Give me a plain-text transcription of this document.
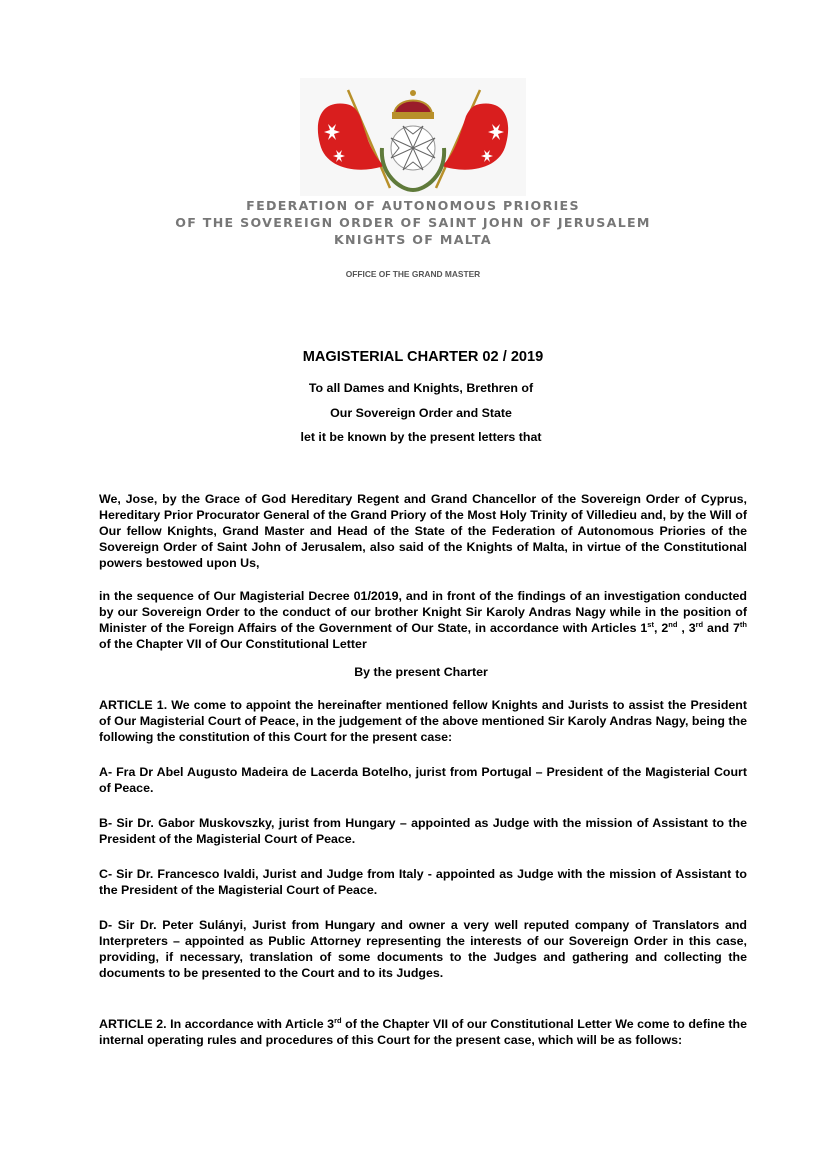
FEDERATION OF AUTONOMOUS PRIORIES
OF THE SOVEREIGN ORDER OF SAINT JOHN OF JERUSALEM
KNIGHTS OF MALTA
OFFICE OF THE GRAND MASTER
MAGISTERIAL CHARTER 02 / 2019
To all Dames and Knights, Brethren of
Our Sovereign Order and State
let it be known by the present letters that

We, Jose, by the Grace of God Hereditary Regent and Grand Chancellor of the Sovereign Order of Cyprus, Hereditary Prior Procurator General of the Grand Priory of the Most Holy Trinity of Villedieu and, by the Will of Our fellow Knights, Grand Master and Head of the State of the Federation of Autonomous Priories of the Sovereign Order of Saint John of Jerusalem, also said of the Knights of Malta, in virtue of the Constitutional powers bestowed upon Us,

in the sequence of Our Magisterial Decree 01/2019, and in front of the findings of an investigation conducted by our Sovereign Order to the conduct of our brother Knight Sir Karoly Andras Nagy while in the position of Minister of the Foreign Affairs of the Government of Our State, in accordance with Articles 1st, 2nd , 3rd and 7th of the Chapter VII of Our Constitutional Letter

By the present Charter

ARTICLE 1. We come to appoint the hereinafter mentioned fellow Knights and Jurists to assist the President of Our Magisterial Court of Peace, in the judgement of the above mentioned Sir Karoly Andras Nagy, being the following the constitution of this Court for the present case:

A- Fra Dr Abel Augusto Madeira de Lacerda Botelho, jurist from Portugal – President of the Magisterial Court of Peace.

B- Sir Dr. Gabor Muskovszky, jurist from Hungary – appointed as Judge with the mission of Assistant to the President of the Magisterial Court of Peace.

C- Sir Dr. Francesco Ivaldi, Jurist and Judge from Italy - appointed as Judge with the mission of Assistant to the President of the Magisterial Court of Peace.

D- Sir Dr. Peter Sulányi, Jurist from Hungary and owner a very well reputed company of Translators and Interpreters – appointed as Public Attorney representing the interests of our Sovereign Order in this case, providing, if necessary, translation of some documents to the Judges and gathering and collecting the documents to be presented to the Court and to its Judges.

ARTICLE 2. In accordance with Article 3rd of the Chapter VII of our Constitutional Letter We come to define the internal operating rules and procedures of this Court for the present case, which will be as follows:
